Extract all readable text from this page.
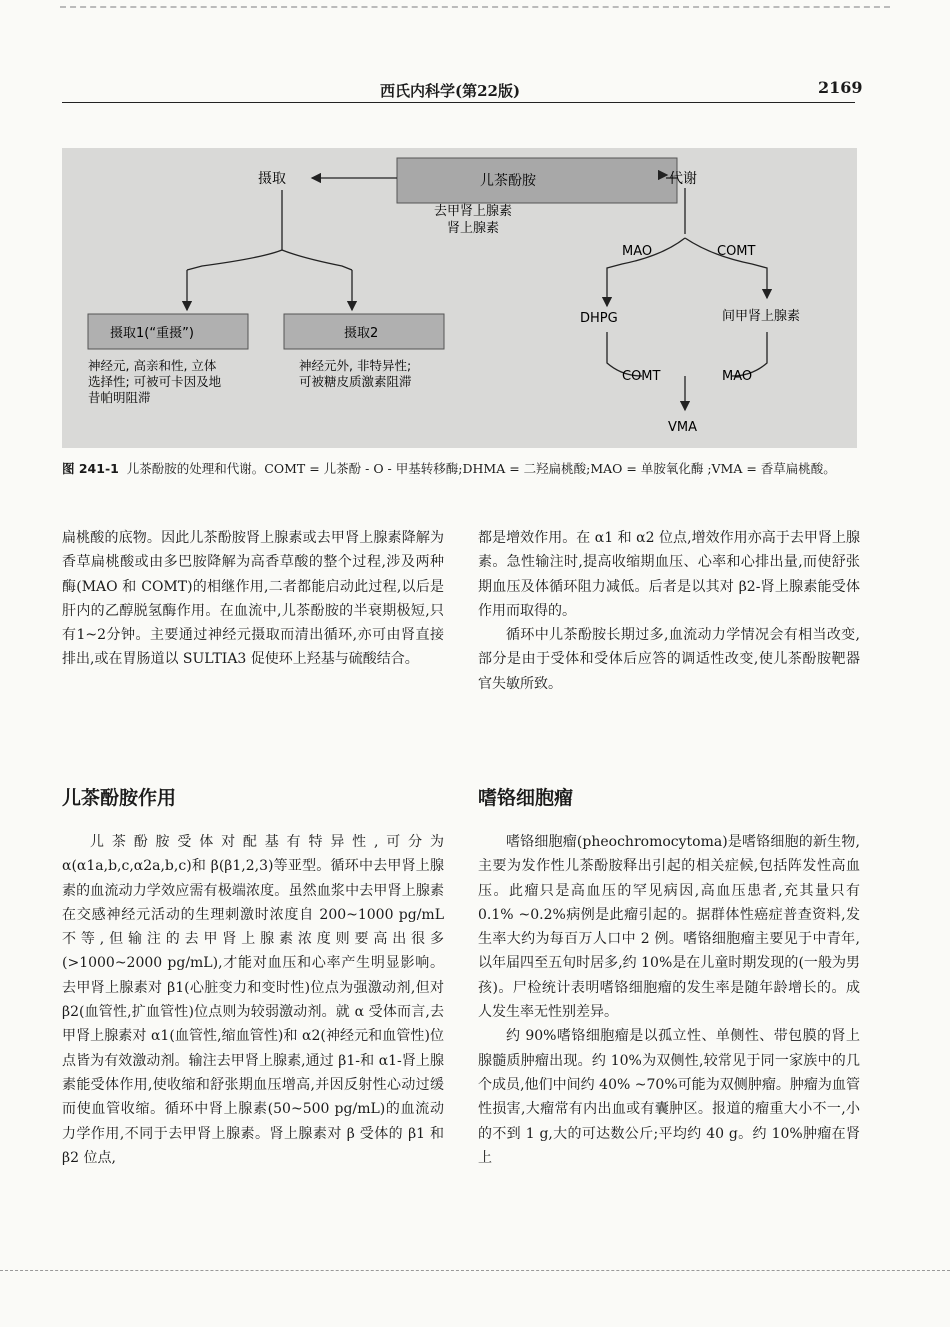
西氏内科学(第22版)	2169
儿茶酚胺
摄取	代谢
去甲肾上腺素
肾上腺素
摄取1(“重摄”)	摄取2
神经元, 高亲和性, 立体
选择性; 可被可卡因及地
昔帕明阻滞
神经元外, 非特异性;
可被糖皮质激素阻滞
MAO	COMT
DHPG	间甲肾上腺素
COMT	MAO
VMA
图 241-1 儿茶酚胺的处理和代谢。COMT = 儿茶酚 - O - 甲基转移酶;DHMA = 二羟扁桃酸;MAO = 单胺氧化酶 ;VMA = 香草扁桃酸。

扁桃酸的底物。因此儿茶酚胺肾上腺素或去甲肾上腺素降解为香草扁桃酸或由多巴胺降解为高香草酸的整个过程,涉及两种酶(MAO 和 COMT)的相继作用,二者都能启动此过程,以后是肝内的乙醇脱氢酶作用。在血流中,儿茶酚胺的半衰期极短,只有1~2分钟。主要通过神经元摄取而清出循环,亦可由肾直接排出,或在胃肠道以 SULTIA3 促使环上羟基与硫酸结合。

都是增效作用。在 α1 和 α2 位点,增效作用亦高于去甲肾上腺素。急性输注时,提高收缩期血压、心率和心排出量,而使舒张期血压及体循环阻力减低。后者是以其对 β2-肾上腺素能受体作用而取得的。

循环中儿茶酚胺长期过多,血流动力学情况会有相当改变,部分是由于受体和受体后应答的调适性改变,使儿茶酚胺靶器官失敏所致。

儿茶酚胺作用	嗜铬细胞瘤

儿茶酚胺受体对配基有特异性,可分为 α(α1a,b,c,α2a,b,c)和 β(β1,2,3)等亚型。循环中去甲肾上腺素的血流动力学效应需有极端浓度。虽然血浆中去甲肾上腺素在交感神经元活动的生理刺激时浓度自 200~1000 pg/mL 不等,但输注的去甲肾上腺素浓度则要高出很多(>1000~2000 pg/mL),才能对血压和心率产生明显影响。去甲肾上腺素对 β1(心脏变力和变时性)位点为强激动剂,但对 β2(血管性,扩血管性)位点则为较弱激动剂。就 α 受体而言,去甲肾上腺素对 α1(血管性,缩血管性)和 α2(神经元和血管性)位点皆为有效激动剂。输注去甲肾上腺素,通过 β1-和 α1-肾上腺素能受体作用,使收缩和舒张期血压增高,并因反射性心动过缓而使血管收缩。循环中肾上腺素(50~500 pg/mL)的血流动力学作用,不同于去甲肾上腺素。肾上腺素对 β 受体的 β1 和 β2 位点,

嗜铬细胞瘤(pheochromocytoma)是嗜铬细胞的新生物,主要为发作性儿茶酚胺释出引起的相关症候,包括阵发性高血压。此瘤只是高血压的罕见病因,高血压患者,充其量只有 0.1% ~0.2%病例是此瘤引起的。据群体性癌症普查资料,发生率大约为每百万人口中 2 例。嗜铬细胞瘤主要见于中青年,以年届四至五旬时居多,约 10%是在儿童时期发现的(一般为男孩)。尸检统计表明嗜铬细胞瘤的发生率是随年龄增长的。成人发生率无性别差异。

约 90%嗜铬细胞瘤是以孤立性、单侧性、带包膜的肾上腺髓质肿瘤出现。约 10%为双侧性,较常见于同一家族中的几个成员,他们中间约 40% ~70%可能为双侧肿瘤。肿瘤为血管性损害,大瘤常有内出血或有囊肿区。报道的瘤重大小不一,小的不到 1 g,大的可达数公斤;平均约 40 g。约 10%肿瘤在肾上
